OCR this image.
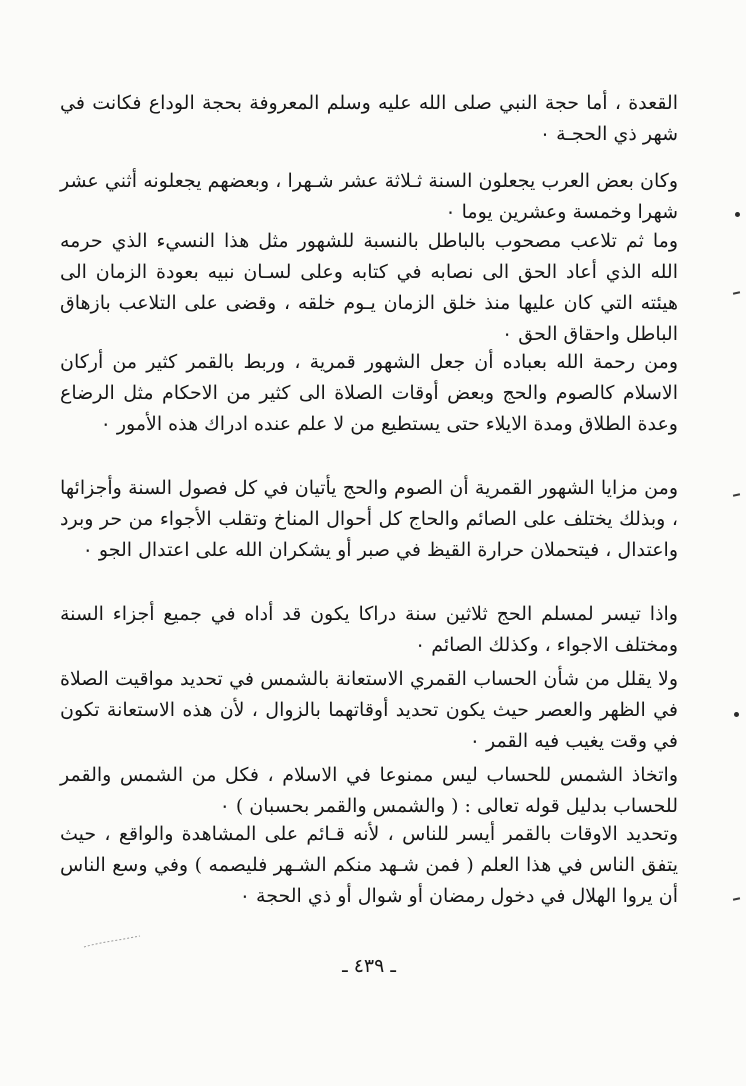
القعدة ، أما حجة النبي صلى الله عليه وسلم المعروفة بحجة الوداع فكانت في شهر ذي الحجـة ٠

وكان بعض العرب يجعلون السنة ثـلاثة عشر شـهرا ، وبعضهم يجعلونه أثني عشر شهرا وخمسة وعشرين يوما ٠

وما ثم تلاعب مصحوب بالباطل بالنسبة للشهور مثل هذا النسيء الذي حرمه الله الذي أعاد الحق الى نصابه في كتابه وعلى لسـان نبيه بعودة الزمان الى هيئته التي كان عليها منذ خلق الزمان يـوم خلقه ، وقضى على التلاعب بازهاق الباطل واحقاق الحق ٠

ومن رحمة الله بعباده أن جعل الشهور قمرية ، وربط بالقمر كثير من أركان الاسلام كالصوم والحج وبعض أوقات الصلاة الى كثير من الاحكام مثل الرضاع وعدة الطلاق ومدة الايلاء حتى يستطيع من لا علم عنده ادراك هذه الأمور ٠

ومن مزايا الشهور القمرية أن الصوم والحج يأتيان في كل فصول السنة وأجزائها ، وبذلك يختلف على الصائم والحاج كل أحوال المناخ وتقلب الأجواء من حر وبرد واعتدال ، فيتحملان حرارة القيظ في صبر أو يشكران الله على اعتدال الجو ٠

واذا تيسر لمسلم الحج ثلاثين سنة دراكا يكون قد أداه في جميع أجزاء السنة ومختلف الاجواء ، وكذلك الصائم ٠

ولا يقلل من شأن الحساب القمري الاستعانة بالشمس في تحديد مواقيت الصلاة في الظهر والعصر حيث يكون تحديد أوقاتهما بالزوال ، لأن هذه الاستعانة تكون في وقت يغيب فيه القمر ٠

واتخاذ الشمس للحساب ليس ممنوعا في الاسلام ، فكل من الشمس والقمر للحساب بدليل قوله تعالى : ( والشمس والقمر بحسبان ) ٠

وتحديد الاوقات بالقمر أيسر للناس ، لأنه قـائم على المشاهدة والواقع ، حيث يتفق الناس في هذا العلم ( فمن شـهد منكم الشـهر فليصمه ) وفي وسع الناس أن يروا الهلال في دخول رمضان أو شوال أو ذي الحجة ٠

ـ ٤٣٩ ـ
